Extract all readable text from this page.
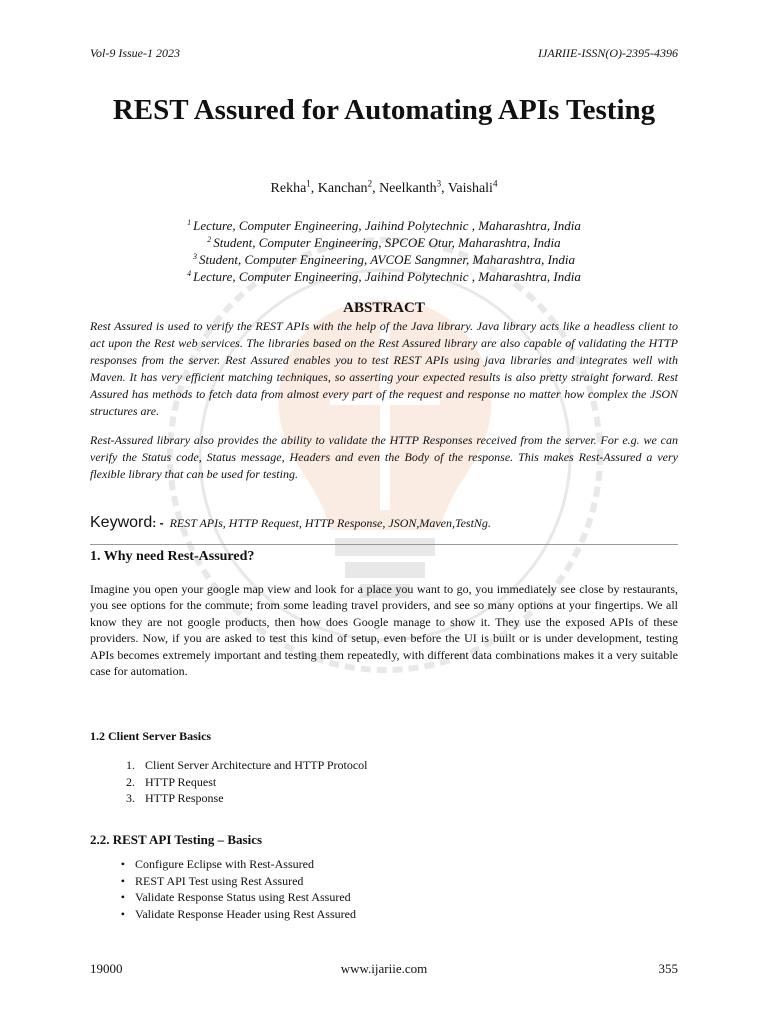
Vol-9 Issue-1 2023	IJARIIE-ISSN(O)-2395-4396
REST Assured for Automating APIs Testing
Rekha$^1$, Kanchan$^2$, Neelkanth$^3$, Vaishali$^4$
$^1$ Lecture, Computer Engineering, Jaihind Polytechnic , Maharashtra, India
$^2$ Student, Computer Engineering, SPCOE Otur, Maharashtra, India
$^3$ Student, Computer Engineering, AVCOE Sangmner, Maharashtra, India
$^4$ Lecture, Computer Engineering, Jaihind Polytechnic , Maharashtra, India
ABSTRACT

Rest Assured is used to verify the REST APIs with the help of the Java library. Java library acts like a headless client to act upon the Rest web services. The libraries based on the Rest Assured library are also capable of validating the HTTP responses from the server. Rest Assured enables you to test REST APIs using java libraries and integrates well with Maven. It has very efficient matching techniques, so asserting your expected results is also pretty straight forward. Rest Assured has methods to fetch data from almost every part of the request and response no matter how complex the JSON structures are.

Rest-Assured library also provides the ability to validate the HTTP Responses received from the server. For e.g. we can verify the Status code, Status message, Headers and even the Body of the response. This makes Rest-Assured a very flexible library that can be used for testing.

Keyword: - REST APIs, HTTP Request, HTTP Response, JSON,Maven,TestNg.
1. Why need Rest-Assured?

Imagine you open your google map view and look for a place you want to go, you immediately see close by restaurants, you see options for the commute; from some leading travel providers, and see so many options at your fingertips. We all know they are not google products, then how does Google manage to show it. They use the exposed APIs of these providers. Now, if you are asked to test this kind of setup, even before the UI is built or is under development, testing APIs becomes extremely important and testing them repeatedly, with different data combinations makes it a very suitable case for automation.

1.2 Client Server Basics
1. Client Server Architecture and HTTP Protocol
2. HTTP Request
3. HTTP Response
2.2. REST API Testing – Basics
• Configure Eclipse with Rest-Assured
• REST API Test using Rest Assured
• Validate Response Status using Rest Assured
• Validate Response Header using Rest Assured
19000	www.ijariie.com	355
